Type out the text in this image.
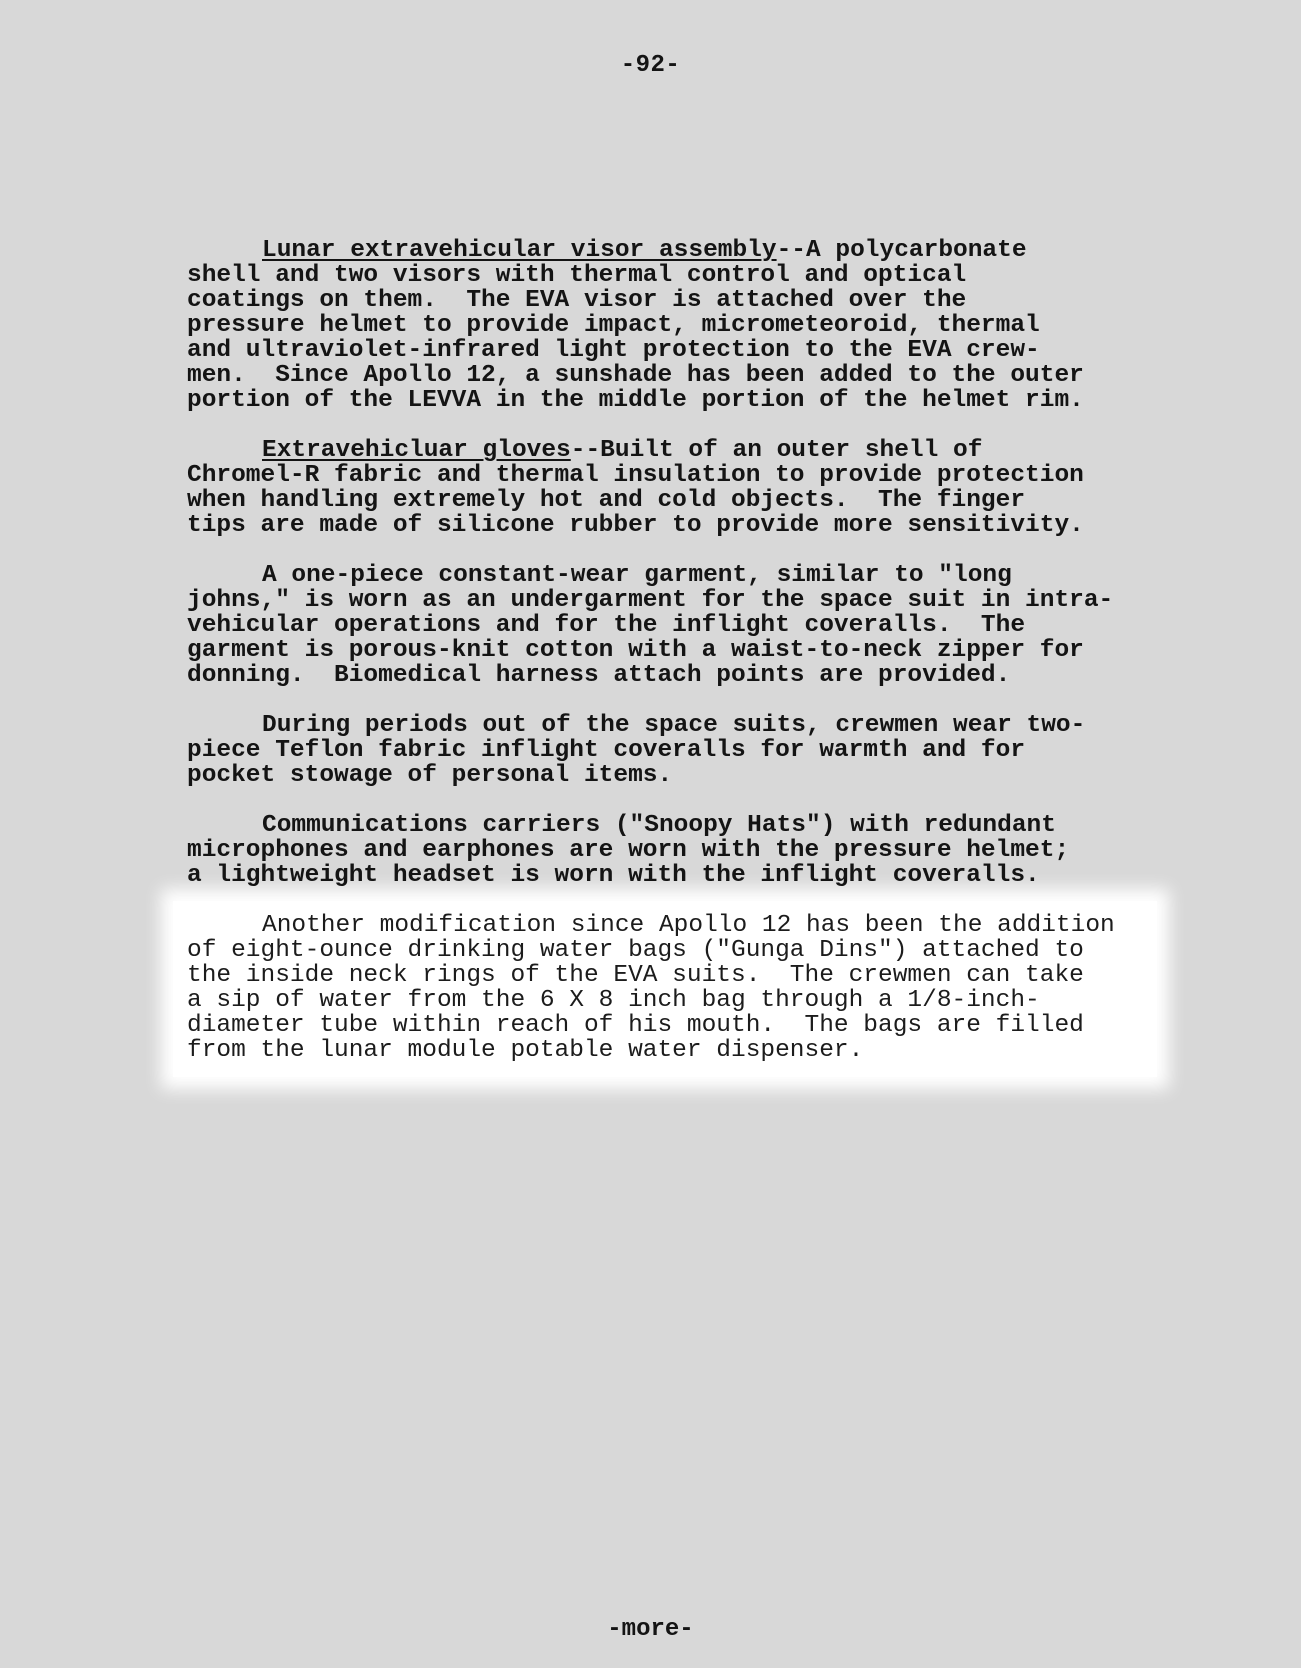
-92-

Lunar extravehicular visor assembly--A polycarbonate
shell and two visors with thermal control and optical
coatings on them.  The EVA visor is attached over the
pressure helmet to provide impact, micrometeoroid, thermal
and ultraviolet-infrared light protection to the EVA crew-
men.  Since Apollo 12, a sunshade has been added to the outer
portion of the LEVVA in the middle portion of the helmet rim.

Extravehicluar gloves--Built of an outer shell of
Chromel-R fabric and thermal insulation to provide protection
when handling extremely hot and cold objects.  The finger
tips are made of silicone rubber to provide more sensitivity.

A one-piece constant-wear garment, similar to "long
johns," is worn as an undergarment for the space suit in intra-
vehicular operations and for the inflight coveralls.  The
garment is porous-knit cotton with a waist-to-neck zipper for
donning.  Biomedical harness attach points are provided.

During periods out of the space suits, crewmen wear two-
piece Teflon fabric inflight coveralls for warmth and for
pocket stowage of personal items.

Communications carriers ("Snoopy Hats") with redundant
microphones and earphones are worn with the pressure helmet;
a lightweight headset is worn with the inflight coveralls.

Another modification since Apollo 12 has been the addition
of eight-ounce drinking water bags ("Gunga Dins") attached to
the inside neck rings of the EVA suits.  The crewmen can take
a sip of water from the 6 X 8 inch bag through a 1/8-inch-
diameter tube within reach of his mouth.  The bags are filled
from the lunar module potable water dispenser.

-more-
